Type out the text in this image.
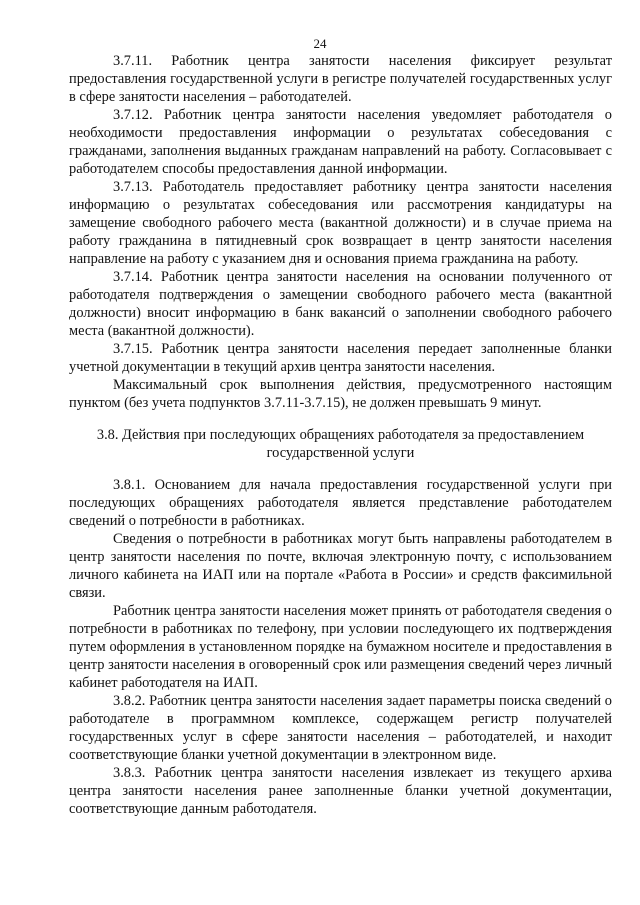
24

3.7.11. Работник центра занятости населения фиксирует результат предоставления государственной услуги в регистре получателей государственных услуг в сфере занятости населения – работодателей.

3.7.12. Работник центра занятости населения уведомляет работодателя о необходимости предоставления информации о результатах собеседования с гражданами, заполнения выданных гражданам направлений на работу. Согласовывает с работодателем способы предоставления данной информации.

3.7.13. Работодатель предоставляет работнику центра занятости населения информацию о результатах собеседования или рассмотрения кандидатуры на замещение свободного рабочего места (вакантной должности) и в случае приема на работу гражданина в пятидневный срок возвращает в центр занятости населения направление на работу с указанием дня и основания приема гражданина на работу.

3.7.14. Работник центра занятости населения на основании полученного от работодателя подтверждения о замещении свободного рабочего места (вакантной должности) вносит информацию в банк вакансий о заполнении свободного рабочего места (вакантной должности).

3.7.15. Работник центра занятости населения передает заполненные бланки учетной документации в текущий архив центра занятости населения.

Максимальный срок выполнения действия, предусмотренного настоящим пунктом (без учета подпунктов 3.7.11-3.7.15), не должен превышать 9 минут.

3.8. Действия при последующих обращениях работодателя за предоставлением
государственной услуги

3.8.1. Основанием для начала предоставления государственной услуги при последующих обращениях работодателя является представление работодателем сведений о потребности в работниках.

Сведения о потребности в работниках могут быть направлены работодателем в центр занятости населения по почте, включая электронную почту, с использованием личного кабинета на ИАП или на портале «Работа в России» и средств факсимильной связи.

Работник центра занятости населения может принять от работодателя сведения о потребности в работниках по телефону, при условии последующего их подтверждения путем оформления в установленном порядке на бумажном носителе и предоставления в центр занятости населения в оговоренный срок или размещения сведений через личный кабинет работодателя на ИАП.

3.8.2. Работник центра занятости населения задает параметры поиска сведений о работодателе в программном комплексе, содержащем регистр получателей государственных услуг в сфере занятости населения – работодателей, и находит соответствующие бланки учетной документации в электронном виде.

3.8.3. Работник центра занятости населения извлекает из текущего архива центра занятости населения ранее заполненные бланки учетной документации, соответствующие данным работодателя.
